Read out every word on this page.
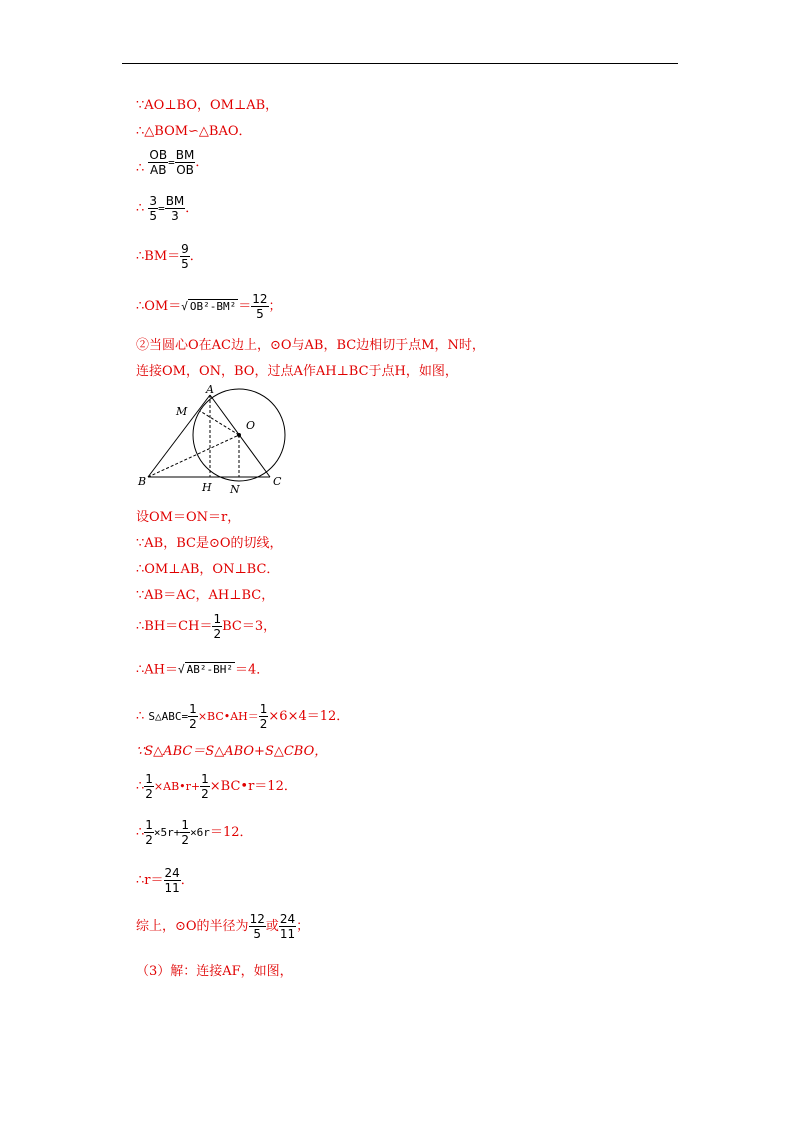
∵AO⊥BO，OM⊥AB，
∴△BOM∽△BAO．
∴ $\frac{OB}{AB} = \frac{BM}{OB}$ ．
∴ $\frac{3}{5} = \frac{BM}{3}$ ．
∴BM＝ $\frac{9}{5}$ ．
∴OM＝√ $OB^2-BM^2 = \frac{12}{5}$ ；
②当圆心O在AC边上，⊙O与AB，BC边相切于点M，N时，
连接OM，ON，BO，过点A作AH⊥BC于点H，如图，
A
M
O
B	H N
C
设OM＝ON＝r，
∵AB，BC是⊙O的切线，
∴OM⊥AB，ON⊥BC．
∵AB＝AC，AH⊥BC，
∴BH＝CH＝ $\frac{1}{2} BC=3$，
∴AH＝√ AB²-BH² ＝4．
∴ S△ABC= $\frac{1}{2}$ ×BC•AH＝ $\frac{1}{2} \times 6\times 4=12$．
∵S△ABC＝S△ABO+S△CBO，
∴ $\frac{1}{2}$ ×AB•r+ $\frac{1}{2}$ ×BC•r＝12．
∴ $\frac{1}{2} \times 5r+ \frac{1}{2} \times 6r=12$．
∴r＝ $\frac{24}{11}$ ．
综上，⊙O的半径为 $\frac{12}{5}$ 或 $\frac{24}{11}$ ；
（3）解：连接AF，如图，
